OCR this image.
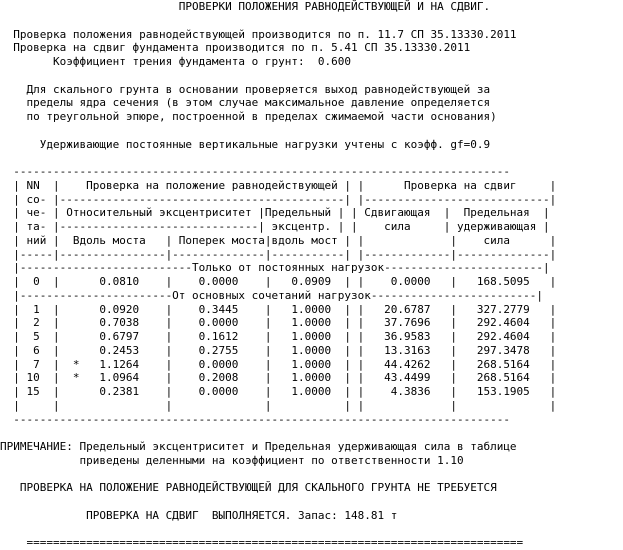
ПРОВЕРКИ ПОЛОЖЕНИЯ РАВНОДЕЙСТВУЮЩЕЙ И НА СДВИГ.
Проверка положения равнодействующей производится по п. 11.7 СП 35.13330.2011
Проверка на сдвиг фундамента производится по п. 5.41 СП 35.13330.2011
Коэффициент трения фундамента о грунт:  0.600
Для скального грунта в основании проверяется выход равнодействующей за
пределы ядра сечения (в этом случае максимальное давление определяется
по треугольной эпюре, построенной в пределах сжимаемой части основания)
Удерживающие постоянные вертикальные нагрузки учтены с коэфф. gf=0.9
---------------------------------------------------------------------------
| NN  |    Проверка на положение равнодействующей | |      Проверка на сдвиг     |
| со- |-------------------------------------------| |----------------------------|
| че- | Относительный эксцентриситет |Предельный | | Сдвигающая  |  Предельная  |
| та- |------------------------------| эксцентр. | |    сила     | удерживающая |
| ний |  Вдоль моста   | Поперек моста|вдоль мост | |             |    сила      |
|-----|----------------|--------------|-----------| |-------------|--------------|
|--------------------------Только от постоянных нагрузок------------------------|
|  0  |      0.0810    |    0.0000    |   0.0909  | |    0.0000   |   168.5095   |
|-----------------------От основных сочетаний нагрузок-------------------------|
|  1  |      0.0920    |    0.3445    |   1.0000  | |   20.6787   |   327.2779   |
|  2  |      0.7038    |    0.0000    |   1.0000  | |   37.7696   |   292.4604   |
|  5  |      0.6797    |    0.1612    |   1.0000  | |   36.9583   |   292.4604   |
|  6  |      0.2453    |    0.2755    |   1.0000  | |   13.3163   |   297.3478   |
|  7  |  *   1.1264    |    0.0000    |   1.0000  | |   44.4262   |   268.5164   |
| 10  |  *   1.0964    |    0.2008    |   1.0000  | |   43.4499   |   268.5164   |
| 15  |      0.2381    |    0.0000    |   1.0000  | |    4.3836   |   153.1905   |
|     |                |              |           | |             |              |
---------------------------------------------------------------------------
ПРИМЕЧАНИЕ: Предельный эксцентриситет и Предельная удерживающая сила в таблице
приведены деленными на коэффициент по ответственности 1.10
ПРОВЕРКА НА ПОЛОЖЕНИЕ РАВНОДЕЙСТВУЮЩЕЙ ДЛЯ СКАЛЬНОГО ГРУНТА НЕ ТРЕБУЕТСЯ
ПРОВЕРКА НА СДВИГ  ВЫПОЛНЯЕТСЯ. Запас: 148.81 т
===========================================================================
